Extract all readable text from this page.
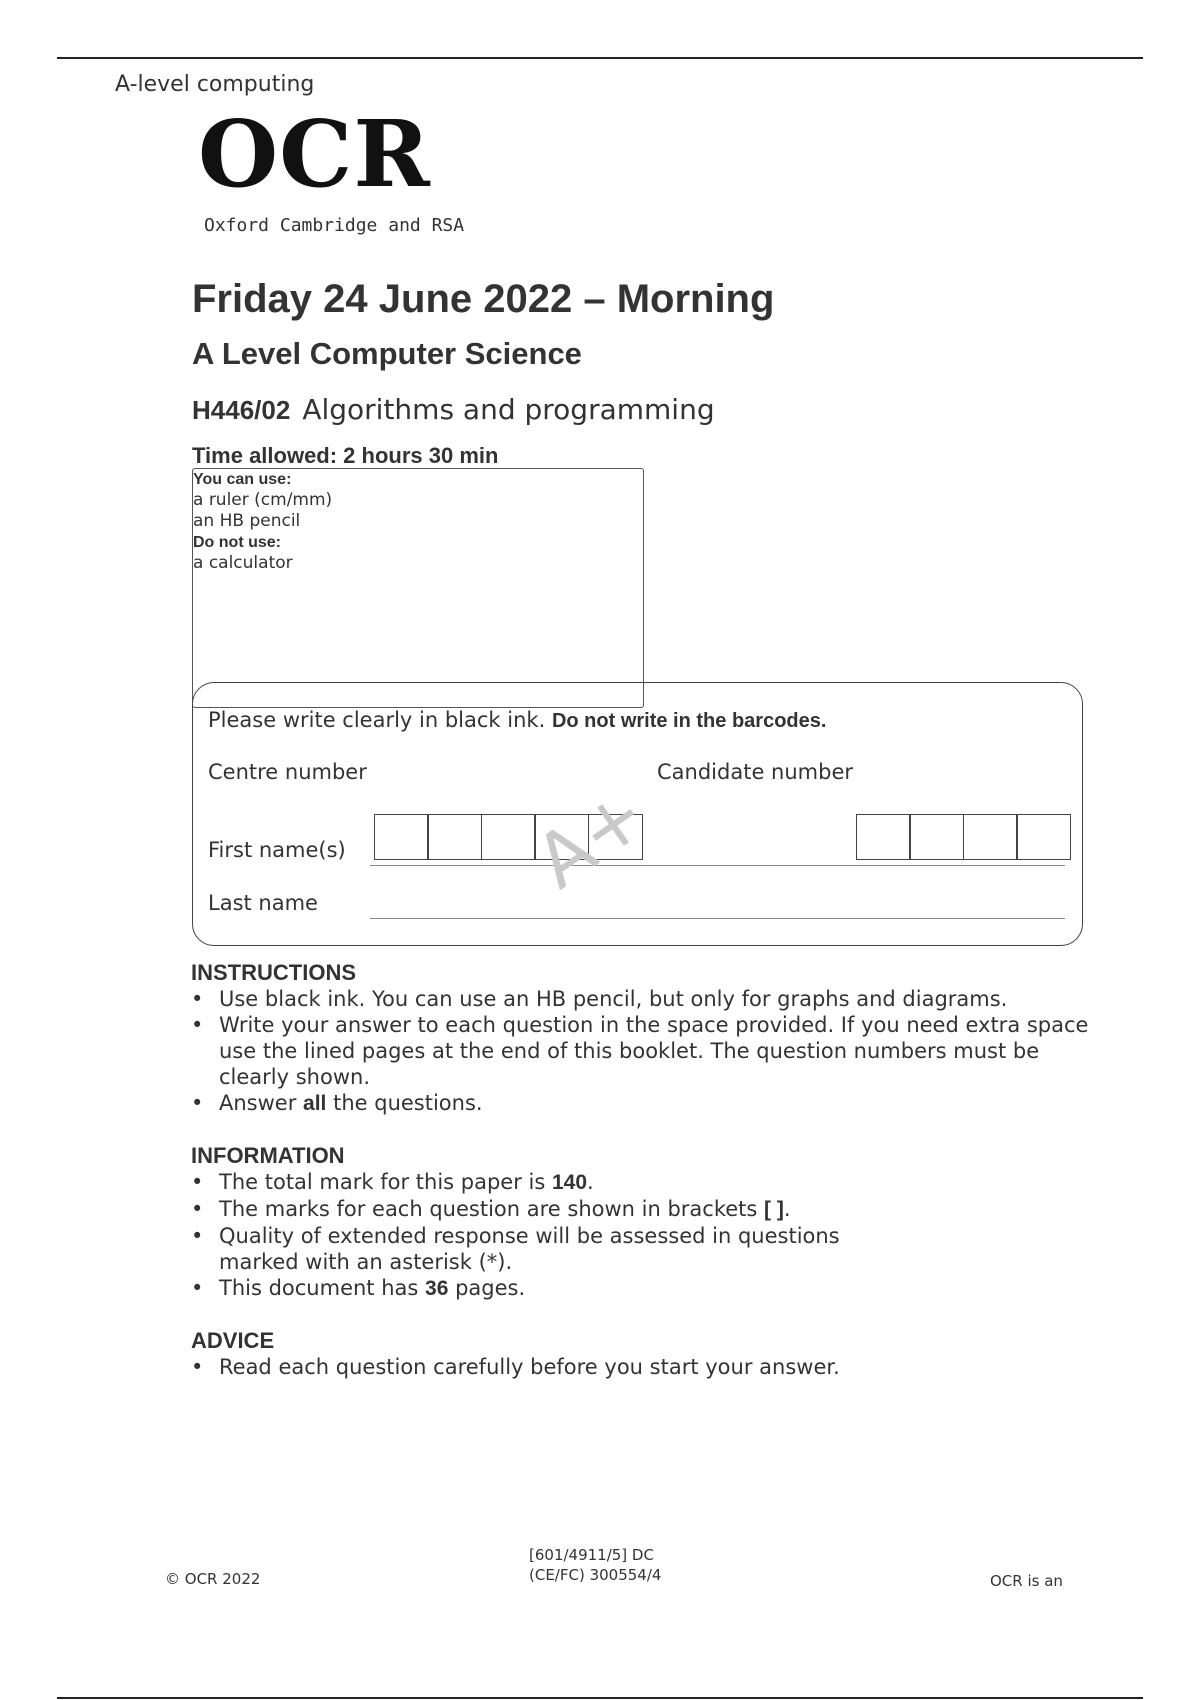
A-level computing
OCR
Oxford Cambridge and RSA
Friday 24 June 2022 – Morning
A Level Computer Science
H446/02 Algorithms and programming
Time allowed: 2 hours 30 min
You can use:
a ruler (cm/mm)
an HB pencil
Do not use:
a calculator
Please write clearly in black ink. Do not write in the barcodes.
Centre number	Candidate number
First name(s)
Last name	A+
INSTRUCTIONS
• Use black ink. You can use an HB pencil, but only for graphs and diagrams.
• Write your answer to each question in the space provided. If you need extra space use the lined pages at the end of this booklet. The question numbers must be clearly shown.
• Answer all the questions.
INFORMATION
• The total mark for this paper is 140.
• The marks for each question are shown in brackets [ ].
• Quality of extended response will be assessed in questions marked with an asterisk (*).
• This document has 36 pages.
ADVICE
• Read each question carefully before you start your answer.
© OCR 2022
[601/4911/5] DC
(CE/FC) 300554/4	OCR is an
